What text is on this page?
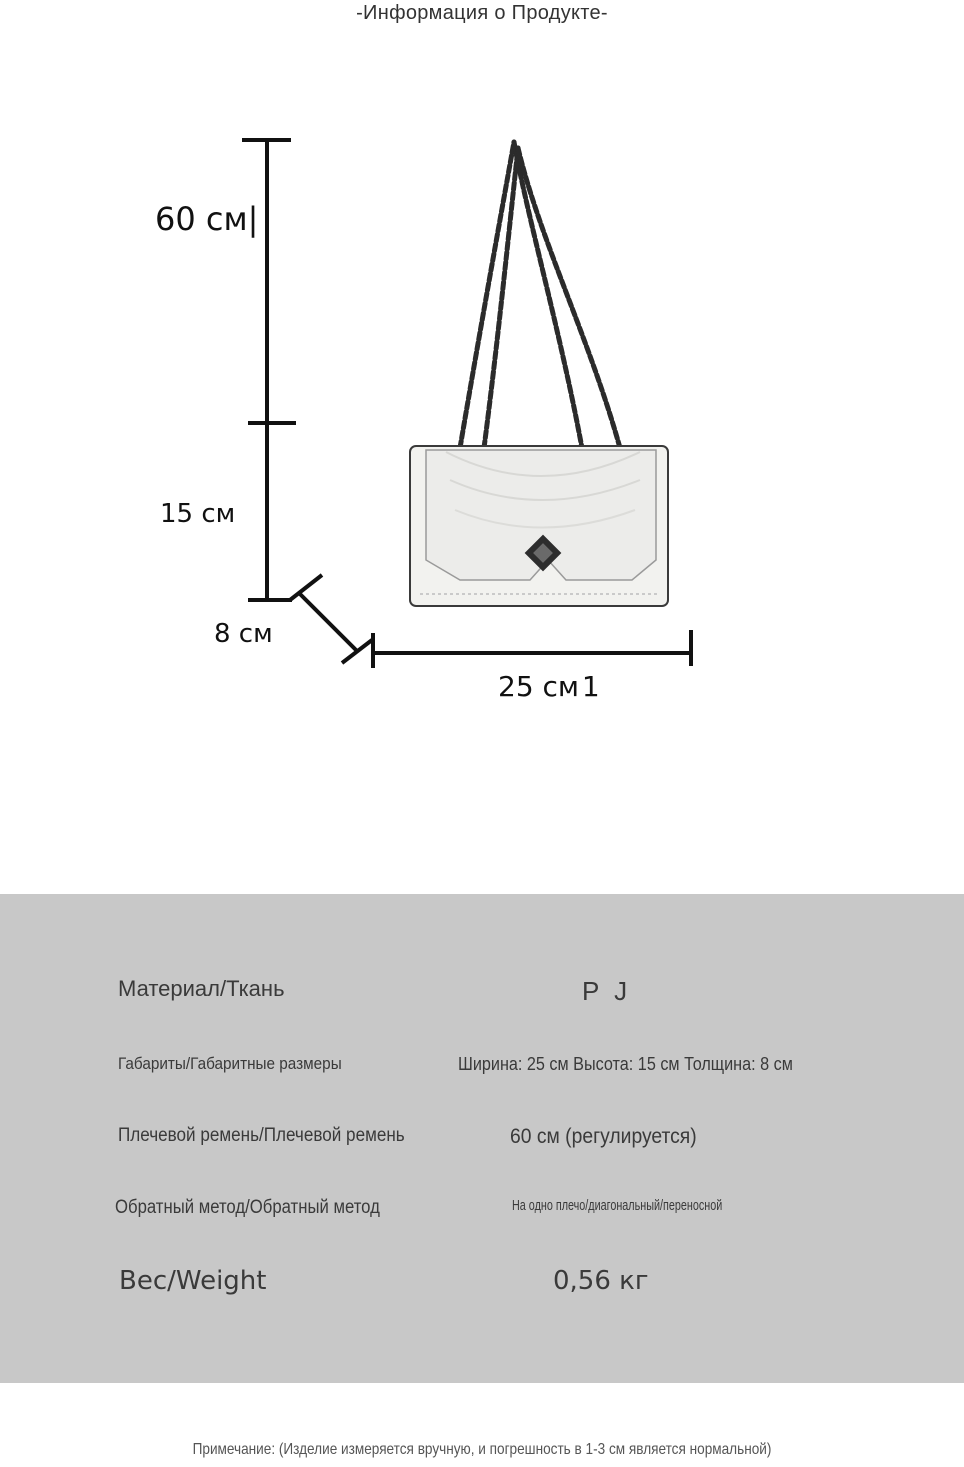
-Информация о Продукте-
60 см|
15 см
8 см
25 см 1
Материал/Ткань	P J
Габариты/Габаритные размеры	Ширина: 25 см Высота: 15 см Толщина: 8 см
Плечевой ремень/Плечевой ремень	60 см (регулируется)
Обратный метод/Обратный метод	На одно плечо/диагональный/переносной
Вес/Weight	0,56 кг
Примечание: (Изделие измеряется вручную, и погрешность в 1-3 см является нормальной)
